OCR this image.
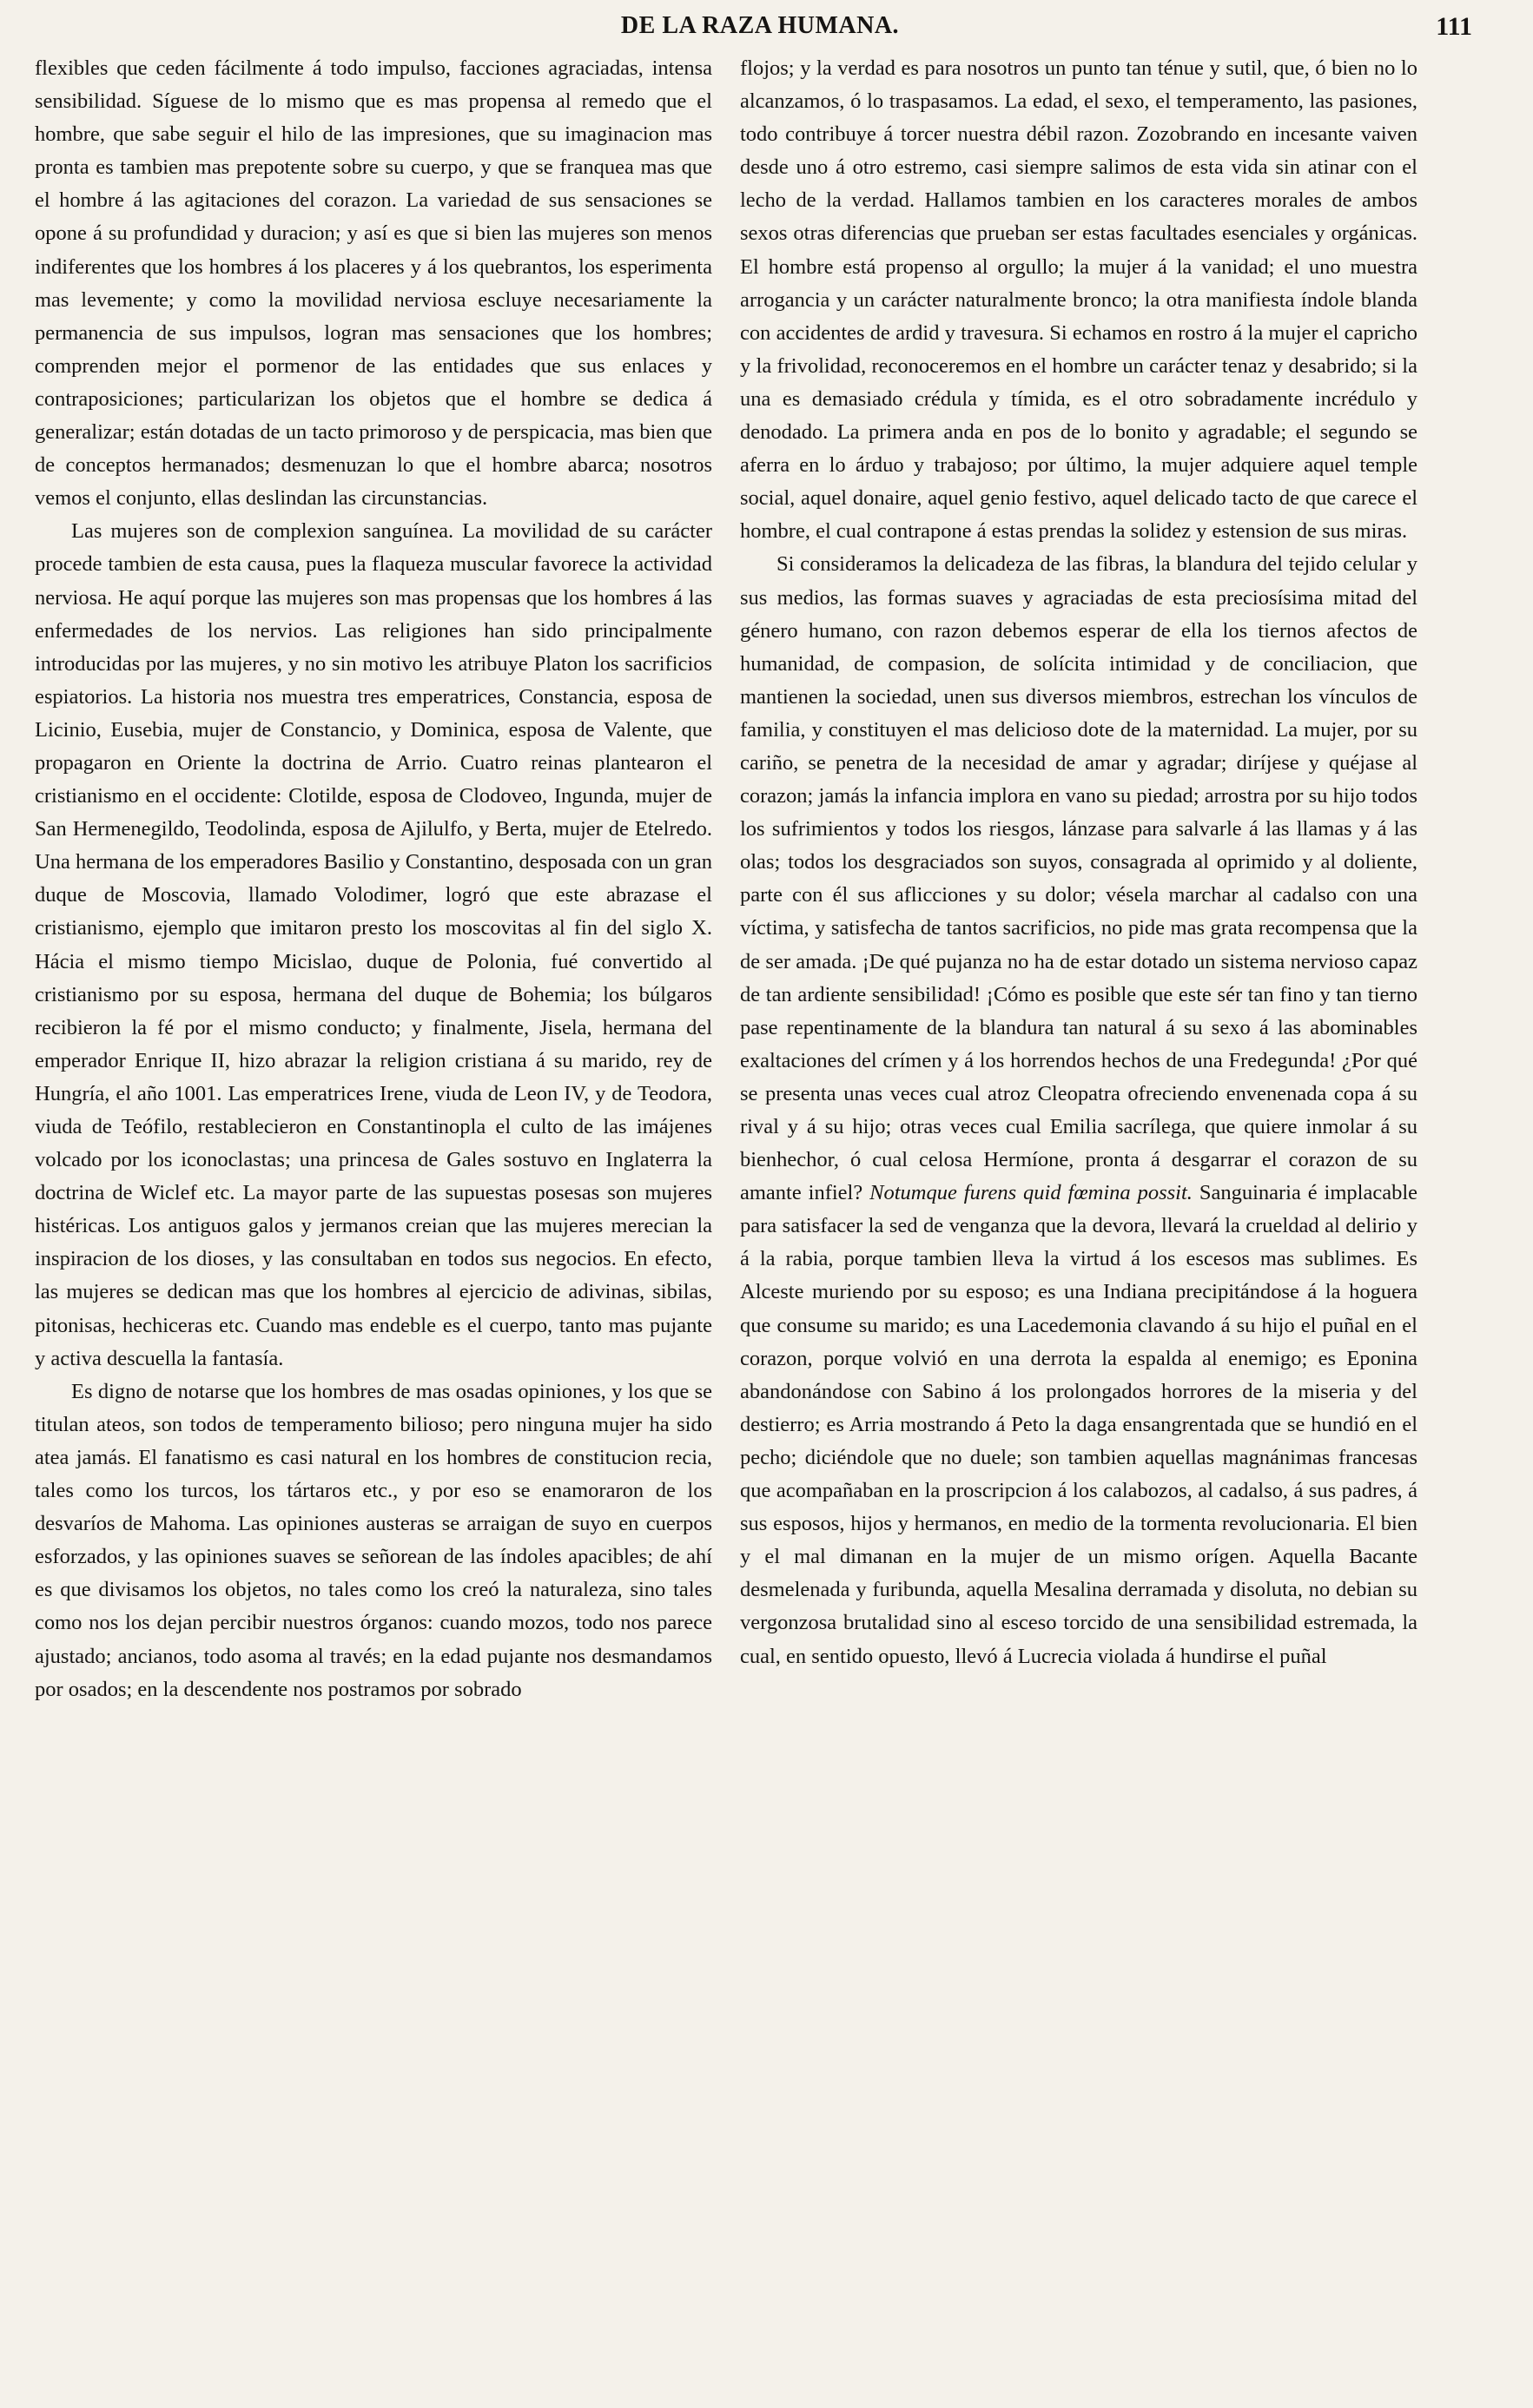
DE LA RAZA HUMANA.	111

flexibles que ceden fácilmente á todo impulso, facciones agraciadas, intensa sensibilidad. Síguese de lo mismo que es mas propensa al remedo que el hombre, que sabe seguir el hilo de las impresiones, que su imaginacion mas pronta es tambien mas prepotente sobre su cuerpo, y que se franquea mas que el hombre á las agitaciones del corazon. La variedad de sus sensaciones se opone á su profundidad y duracion; y así es que si bien las mujeres son menos indiferentes que los hombres á los placeres y á los quebrantos, los esperimenta mas levemente; y como la movilidad nerviosa escluye necesariamente la permanencia de sus impulsos, logran mas sensaciones que los hombres; comprenden mejor el pormenor de las entidades que sus enlaces y contraposiciones; particularizan los objetos que el hombre se dedica á generalizar; están dotadas de un tacto primoroso y de perspicacia, mas bien que de conceptos hermanados; desmenuzan lo que el hombre abarca; nosotros vemos el conjunto, ellas deslindan las circunstancias.

Las mujeres son de complexion sanguínea. La movilidad de su carácter procede tambien de esta causa, pues la flaqueza muscular favorece la actividad nerviosa. He aquí porque las mujeres son mas propensas que los hombres á las enfermedades de los nervios. Las religiones han sido principalmente introducidas por las mujeres, y no sin motivo les atribuye Platon los sacrificios espiatorios. La historia nos muestra tres emperatrices, Constancia, esposa de Licinio, Eusebia, mujer de Constancio, y Dominica, esposa de Valente, que propagaron en Oriente la doctrina de Arrio. Cuatro reinas plantearon el cristianismo en el occidente: Clotilde, esposa de Clodoveo, Ingunda, mujer de San Hermenegildo, Teodolinda, esposa de Ajilulfo, y Berta, mujer de Etelredo. Una hermana de los emperadores Basilio y Constantino, desposada con un gran duque de Moscovia, llamado Volodimer, logró que este abrazase el cristianismo, ejemplo que imitaron presto los moscovitas al fin del siglo X. Hácia el mismo tiempo Micislao, duque de Polonia, fué convertido al cristianismo por su esposa, hermana del duque de Bohemia; los búlgaros recibieron la fé por el mismo conducto; y finalmente, Jisela, hermana del emperador Enrique II, hizo abrazar la religion cristiana á su marido, rey de Hungría, el año 1001. Las emperatrices Irene, viuda de Leon IV, y de Teodora, viuda de Teófilo, restablecieron en Constantinopla el culto de las imájenes volcado por los iconoclastas; una princesa de Gales sostuvo en Inglaterra la doctrina de Wiclef etc. La mayor parte de las supuestas posesas son mujeres histéricas. Los antiguos galos y jermanos creian que las mujeres merecian la inspiracion de los dioses, y las consultaban en todos sus negocios. En efecto, las mujeres se dedican mas que los hombres al ejercicio de adivinas, sibilas, pitonisas, hechiceras etc. Cuando mas endeble es el cuerpo, tanto mas pujante y activa descuella la fantasía.

Es digno de notarse que los hombres de mas osadas opiniones, y los que se titulan ateos, son todos de temperamento bilioso; pero ninguna mujer ha sido atea jamás. El fanatismo es casi natural en los hombres de constitucion recia, tales como los turcos, los tártaros etc., y por eso se enamoraron de los desvaríos de Mahoma. Las opiniones austeras se arraigan de suyo en cuerpos esforzados, y las opiniones suaves se señorean de las índoles apacibles; de ahí es que divisamos los objetos, no tales como los creó la naturaleza, sino tales como nos los dejan percibir nuestros órganos: cuando mozos, todo nos parece ajustado; ancianos, todo asoma al través; en la edad pujante nos desmandamos por osados; en la descendente nos postramos por sobrado

flojos; y la verdad es para nosotros un punto tan ténue y sutil, que, ó bien no lo alcanzamos, ó lo traspasamos. La edad, el sexo, el temperamento, las pasiones, todo contribuye á torcer nuestra débil razon. Zozobrando en incesante vaiven desde uno á otro estremo, casi siempre salimos de esta vida sin atinar con el lecho de la verdad. Hallamos tambien en los caracteres morales de ambos sexos otras diferencias que prueban ser estas facultades esenciales y orgánicas. El hombre está propenso al orgullo; la mujer á la vanidad; el uno muestra arrogancia y un carácter naturalmente bronco; la otra manifiesta índole blanda con accidentes de ardid y travesura. Si echamos en rostro á la mujer el capricho y la frivolidad, reconoceremos en el hombre un carácter tenaz y desabrido; si la una es demasiado crédula y tímida, es el otro sobradamente incrédulo y denodado. La primera anda en pos de lo bonito y agradable; el segundo se aferra en lo árduo y trabajoso; por último, la mujer adquiere aquel temple social, aquel donaire, aquel genio festivo, aquel delicado tacto de que carece el hombre, el cual contrapone á estas prendas la solidez y estension de sus miras.

Si consideramos la delicadeza de las fibras, la blandura del tejido celular y sus medios, las formas suaves y agraciadas de esta preciosísima mitad del género humano, con razon debemos esperar de ella los tiernos afectos de humanidad, de compasion, de solícita intimidad y de conciliacion, que mantienen la sociedad, unen sus diversos miembros, estrechan los vínculos de familia, y constituyen el mas delicioso dote de la maternidad. La mujer, por su cariño, se penetra de la necesidad de amar y agradar; diríjese y quéjase al corazon; jamás la infancia implora en vano su piedad; arrostra por su hijo todos los sufrimientos y todos los riesgos, lánzase para salvarle á las llamas y á las olas; todos los desgraciados son suyos, consagrada al oprimido y al doliente, parte con él sus aflicciones y su dolor; vésela marchar al cadalso con una víctima, y satisfecha de tantos sacrificios, no pide mas grata recompensa que la de ser amada. ¡De qué pujanza no ha de estar dotado un sistema nervioso capaz de tan ardiente sensibilidad! ¡Cómo es posible que este sér tan fino y tan tierno pase repentinamente de la blandura tan natural á su sexo á las abominables exaltaciones del crímen y á los horrendos hechos de una Fredegunda! ¿Por qué se presenta unas veces cual atroz Cleopatra ofreciendo envenenada copa á su rival y á su hijo; otras veces cual Emilia sacrílega, que quiere inmolar á su bienhechor, ó cual celosa Hermíone, pronta á desgarrar el corazon de su amante infiel? Notumque furens quid fœmina possit. Sanguinaria é implacable para satisfacer la sed de venganza que la devora, llevará la crueldad al delirio y á la rabia, porque tambien lleva la virtud á los escesos mas sublimes. Es Alceste muriendo por su esposo; es una Indiana precipitándose á la hoguera que consume su marido; es una Lacedemonia clavando á su hijo el puñal en el corazon, porque volvió en una derrota la espalda al enemigo; es Eponina abandonándose con Sabino á los prolongados horrores de la miseria y del destierro; es Arria mostrando á Peto la daga ensangrentada que se hundió en el pecho; diciéndole que no duele; son tambien aquellas magnánimas francesas que acompañaban en la proscripcion á los calabozos, al cadalso, á sus padres, á sus esposos, hijos y hermanos, en medio de la tormenta revolucionaria. El bien y el mal dimanan en la mujer de un mismo orígen. Aquella Bacante desmelenada y furibunda, aquella Mesalina derramada y disoluta, no debian su vergonzosa brutalidad sino al esceso torcido de una sensibilidad estremada, la cual, en sentido opuesto, llevó á Lucrecia violada á hundirse el puñal
